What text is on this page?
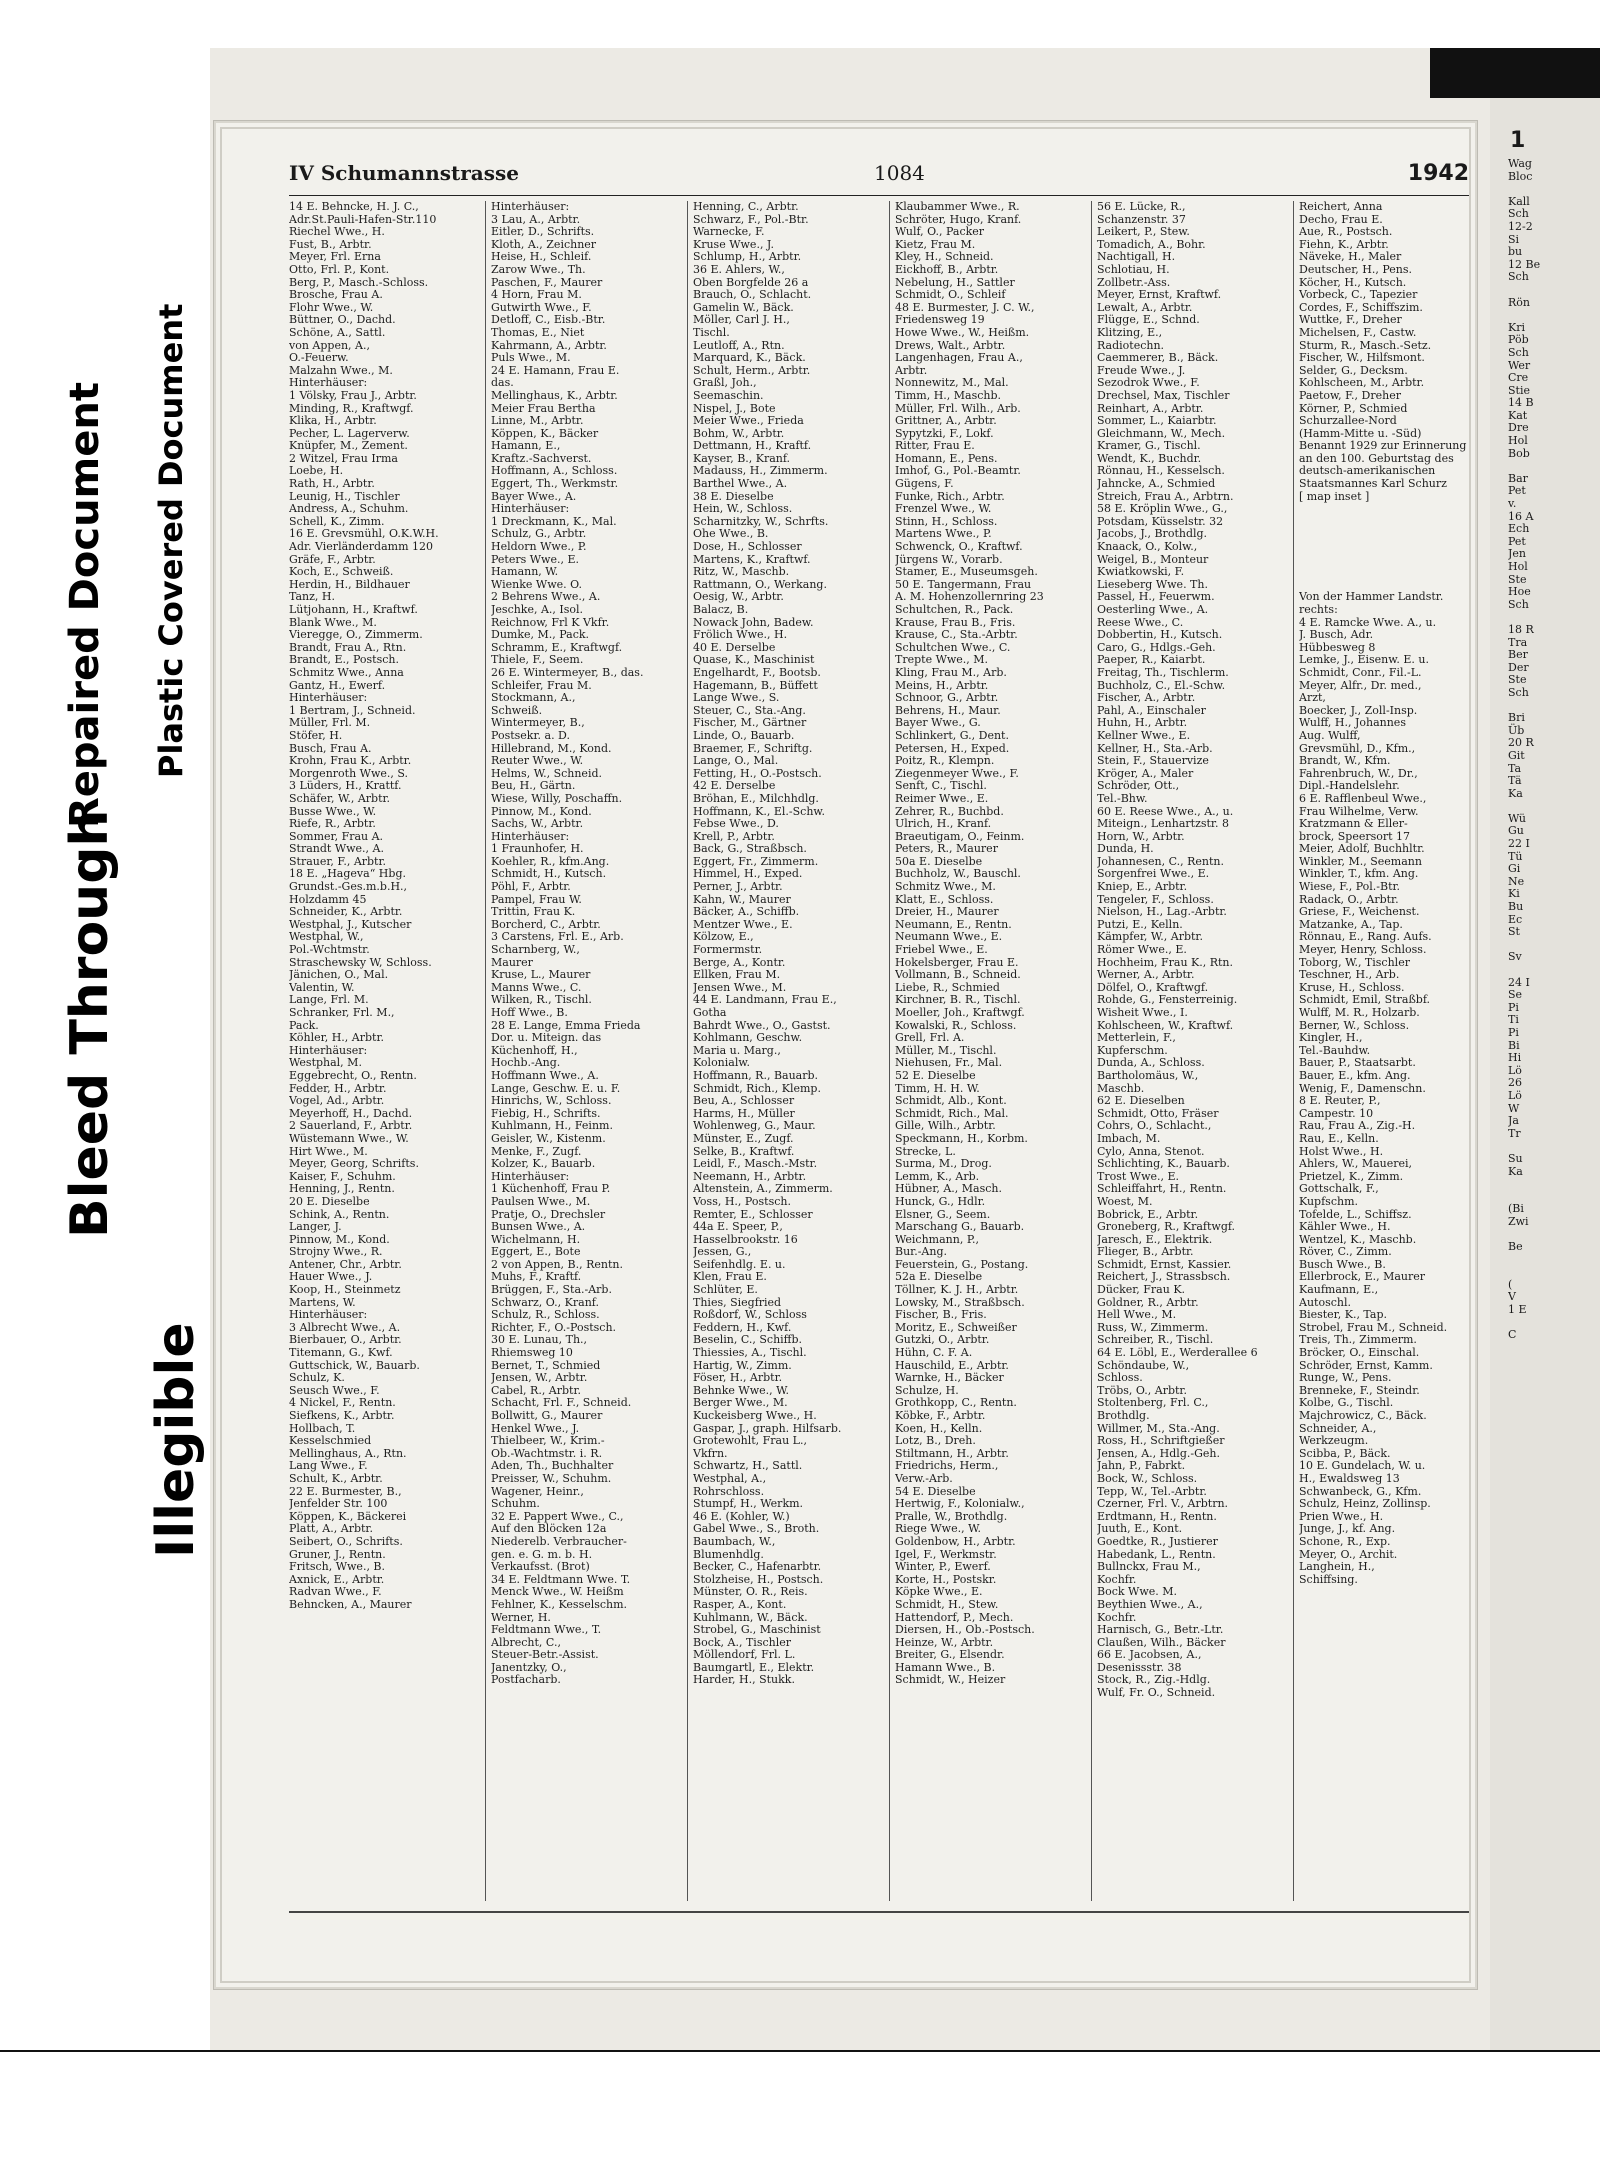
Bleed Through
Repaired Document Plastic Covered Document
Illegible
IV Schumannstrasse	1084	1942
14 E. Behncke, H. J. C.,
Adr.St.Pauli-Hafen-Str.110
Riechel Wwe., H.
Fust, B., Arbtr.
Meyer, Frl. Erna
Otto, Frl. P., Kont.
Berg, P., Masch.-Schloss.
Brosche, Frau A.
Flohr Wwe., W.
Büttner, O., Dachd.
Schöne, A., Sattl.
von Appen, A.,
O.-Feuerw.
Malzahn Wwe., M.
Hinterhäuser:
1 Völsky, Frau J., Arbtr.
Minding, R., Kraftwgf.
Klika, H., Arbtr.
Pecher, L. Lagerverw.
Knüpfer, M., Zement.
2 Witzel, Frau Irma
Loebe, H.
Rath, H., Arbtr.
Leunig, H., Tischler
Andress, A., Schuhm.
Schell, K., Zimm.
16 E. Grevsmühl, O.K.W.H.
Adr. Vierländerdamm 120
Gräfe, F., Arbtr.
Koch, E., Schweiß.
Herdin, H., Bildhauer
Tanz, H.
Lütjohann, H., Kraftwf.
Blank Wwe., M.
Vieregge, O., Zimmerm.
Brandt, Frau A., Rtn.
Brandt, E., Postsch.
Schmitz Wwe., Anna
Gantz, H., Ewerf.
Hinterhäuser:
1 Bertram, J., Schneid.
Müller, Frl. M.
Stöfer, H.
Busch, Frau A.
Krohn, Frau K., Arbtr.
Morgenroth Wwe., S.
3 Lüders, H., Krattf.
Schäfer, W., Arbtr.
Busse Wwe., W.
Riefe, R., Arbtr.
Sommer, Frau A.
Strandt Wwe., A.
Strauer, F., Arbtr.
18 E. „Hageva“ Hbg.
Grundst.-Ges.m.b.H.,
Holzdamm 45
Schneider, K., Arbtr.
Westphal, J., Kutscher
Westphal, W.,
Pol.-Wchtmstr.
Straschewsky W, Schloss.
Jänichen, O., Mal.
Valentin, W.
Lange, Frl. M.
Schranker, Frl. M.,
Pack.
Köhler, H., Arbtr.
Hinterhäuser:
Westphal, M.
Eggebrecht, O., Rentn.
Fedder, H., Arbtr.
Vogel, Ad., Arbtr.
Meyerhoff, H., Dachd.
2 Sauerland, F., Arbtr.
Wüstemann Wwe., W.
Hirt Wwe., M.
Meyer, Georg, Schrifts.
Kaiser, F., Schuhm.
Henning, J., Rentn.
20 E. Dieselbe
Schink, A., Rentn.
Langer, J.
Pinnow, M., Kond.
Strojny Wwe., R.
Antener, Chr., Arbtr.
Hauer Wwe., J.
Koop, H., Steinmetz
Martens, W.
Hinterhäuser:
3 Albrecht Wwe., A.
Bierbauer, O., Arbtr.
Titemann, G., Kwf.
Guttschick, W., Bauarb.
Schulz, K.
Seusch Wwe., F.
4 Nickel, F., Rentn.
Siefkens, K., Arbtr.
Hollbach, T.
Kesselschmied
Mellinghaus, A., Rtn.
Lang Wwe., F.
Schult, K., Arbtr.
22 E. Burmester, B.,
Jenfelder Str. 100
Köppen, K., Bäckerei
Platt, A., Arbtr.
Seibert, O., Schrifts.
Gruner, J., Rentn.
Fritsch, Wwe., B.
Axnick, E., Arbtr.
Radvan Wwe., F.
Behncken, A., Maurer
Hinterhäuser:
3 Lau, A., Arbtr.
Eitler, D., Schrifts.
Kloth, A., Zeichner
Heise, H., Schleif.
Zarow Wwe., Th.
Paschen, F., Maurer
4 Horn, Frau M.
Gutwirth Wwe., F.
Detloff, C., Eisb.-Btr.
Thomas, E., Niet
Kahrmann, A., Arbtr.
Puls Wwe., M.
24 E. Hamann, Frau E.
das.
Mellinghaus, K., Arbtr.
Meier Frau Bertha
Linne, M., Arbtr.
Köppen, K., Bäcker
Hamann, E.,
Kraftz.-Sachverst.
Hoffmann, A., Schloss.
Eggert, Th., Werkmstr.
Bayer Wwe., A.
Hinterhäuser:
1 Dreckmann, K., Mal.
Schulz, G., Arbtr.
Heldorn Wwe., P.
Peters Wwe., E.
Hamann, W.
Wienke Wwe. O.
2 Behrens Wwe., A.
Jeschke, A., Isol.
Reichnow, Frl K Vkfr.
Dumke, M., Pack.
Schramm, E., Kraftwgf.
Thiele, F., Seem.
26 E. Wintermeyer, B., das.
Schleifer, Frau M.
Stockmann, A.,
Schweiß.
Wintermeyer, B.,
Postsekr. a. D.
Hillebrand, M., Kond.
Reuter Wwe., W.
Helms, W., Schneid.
Beu, H., Gärtn.
Wiese, Willy, Poschaffn.
Pinnow, M., Kond.
Sachs, W., Arbtr.
Hinterhäuser:
1 Fraunhofer, H.
Koehler, R., kfm.Ang.
Schmidt, H., Kutsch.
Pöhl, F., Arbtr.
Pampel, Frau W.
Trittin, Frau K.
Borcherd, C., Arbtr.
3 Carstens, Frl. E., Arb.
Scharnberg, W.,
Maurer
Kruse, L., Maurer
Manns Wwe., C.
Wilken, R., Tischl.
Hoff Wwe., B.
28 E. Lange, Emma Frieda
Dor. u. Miteign. das
Küchenhoff, H.,
Hochb.-Ang.
Hoffmann Wwe., A.
Lange, Geschw. E. u. F.
Hinrichs, W., Schloss.
Fiebig, H., Schrifts.
Kuhlmann, H., Feinm.
Geisler, W., Kistenm.
Menke, F., Zugf.
Kolzer, K., Bauarb.
Hinterhäuser:
1 Küchenhoff, Frau P.
Paulsen Wwe., M.
Pratje, O., Drechsler
Bunsen Wwe., A.
Wichelmann, H.
Eggert, E., Bote
2 von Appen, B., Rentn.
Muhs, F., Kraftf.
Brüggen, F., Sta.-Arb.
Schwarz, O., Kranf.
Schulz, R., Schloss.
Richter, F., O.-Postsch.
30 E. Lunau, Th.,
Rhiemsweg 10
Bernet, T., Schmied
Jensen, W., Arbtr.
Cabel, R., Arbtr.
Schacht, Frl. F., Schneid.
Bollwitt, G., Maurer
Henkel Wwe., J.
Thielbeer, W., Krim.-
Ob.-Wachtmstr. i. R.
Aden, Th., Buchhalter
Preisser, W., Schuhm.
Wagener, Heinr.,
Schuhm.
32 E. Pappert Wwe., C.,
Auf den Blöcken 12a
Niederelb. Verbraucher-
gen. e. G. m. b. H.
Verkaufsst. (Brot)
34 E. Feldtmann Wwe. T.
Menck Wwe., W. Heißm
Fehlner, K., Kesselschm.
Werner, H.
Feldtmann Wwe., T.
Albrecht, C.,
Steuer-Betr.-Assist.
Janentzky, O.,
Postfacharb.
Henning, C., Arbtr.
Schwarz, F., Pol.-Btr.
Warnecke, F.
Kruse Wwe., J.
Schlump, H., Arbtr.
36 E. Ahlers, W.,
Oben Borgfelde 26 a
Brauch, O., Schlacht.
Gamelin W., Bäck.
Möller, Carl J. H.,
Tischl.
Leutloff, A., Rtn.
Marquard, K., Bäck.
Schult, Herm., Arbtr.
Graßl, Joh.,
Seemaschin.
Nispel, J., Bote
Meier Wwe., Frieda
Bohm, W., Arbtr.
Dettmann, H., Kraftf.
Kayser, B., Kranf.
Madauss, H., Zimmerm.
Barthel Wwe., A.
38 E. Dieselbe
Hein, W., Schloss.
Scharnitzky, W., Schrfts.
Ohe Wwe., B.
Dose, H., Schlosser
Martens, K., Kraftwf.
Ritz, W., Maschb.
Rattmann, O., Werkang.
Oesig, W., Arbtr.
Balacz, B.
Nowack John, Badew.
Frölich Wwe., H.
40 E. Derselbe
Quase, K., Maschinist
Engelhardt, F., Bootsb.
Hagemann, B., Büffett
Lange Wwe., S.
Steuer, C., Sta.-Ang.
Fischer, M., Gärtner
Linde, O., Bauarb.
Braemer, F., Schriftg.
Lange, O., Mal.
Fetting, H., O.-Postsch.
42 E. Derselbe
Bröhan, E., Milchhdlg.
Hoffmann, K., El.-Schw.
Febse Wwe., D.
Krell, P., Arbtr.
Back, G., Straßbsch.
Eggert, Fr., Zimmerm.
Himmel, H., Exped.
Perner, J., Arbtr.
Kahn, W., Maurer
Bäcker, A., Schiffb.
Mentzer Wwe., E.
Kölzow, E.,
Formermstr.
Berge, A., Kontr.
Ellken, Frau M.
Jensen Wwe., M.
44 E. Landmann, Frau E.,
Gotha
Bahrdt Wwe., O., Gastst.
Kohlmann, Geschw.
Maria u. Marg.,
Kolonialw.
Hoffmann, R., Bauarb.
Schmidt, Rich., Klemp.
Beu, A., Schlosser
Harms, H., Müller
Wohlenweg, G., Maur.
Münster, E., Zugf.
Selke, B., Kraftwf.
Leidl, F., Masch.-Mstr.
Neemann, H., Arbtr.
Altenstein, A., Zimmerm.
Voss, H., Postsch.
Remter, E., Schlosser
44a E. Speer, P.,
Hasselbrookstr. 16
Jessen, G.,
Seifenhdlg. E. u.
Klen, Frau E.
Schlüter, E.
Thies, Siegfried
Roßdorf, W., Schloss
Feddern, H., Kwf.
Beselin, C., Schiffb.
Thiessies, A., Tischl.
Hartig, W., Zimm.
Föser, H., Arbtr.
Behnke Wwe., W.
Berger Wwe., M.
Kuckeisberg Wwe., H.
Gaspar, J., graph. Hilfsarb.
Grotewohlt, Frau L.,
Vkfrn.
Schwartz, H., Sattl.
Westphal, A.,
Rohrschloss.
Stumpf, H., Werkm.
46 E. (Kohler, W.)
Gabel Wwe., S., Broth.
Baumbach, W.,
Blumenhdlg.
Becker, C., Hafenarbtr.
Stolzheise, H., Postsch.
Münster, O. R., Reis.
Rasper, A., Kont.
Kuhlmann, W., Bäck.
Strobel, G., Maschinist
Bock, A., Tischler
Möllendorf, Frl. L.
Baumgartl, E., Elektr.
Harder, H., Stukk.
Klaubammer Wwe., R.
Schröter, Hugo, Kranf.
Wulf, O., Packer
Kietz, Frau M.
Kley, H., Schneid.
Eickhoff, B., Arbtr.
Nebelung, H., Sattler
Schmidt, O., Schleif
48 E. Burmester, J. C. W.,
Friedensweg 19
Howe Wwe., W., Heißm.
Drews, Walt., Arbtr.
Langenhagen, Frau A.,
Arbtr.
Nonnewitz, M., Mal.
Timm, H., Maschb.
Müller, Frl. Wilh., Arb.
Grittner, A., Arbtr.
Sypytzki, F., Lokf.
Ritter, Frau E.
Homann, E., Pens.
Imhof, G., Pol.-Beamtr.
Gügens, F.
Funke, Rich., Arbtr.
Frenzel Wwe., W.
Stinn, H., Schloss.
Martens Wwe., P.
Schwenck, O., Kraftwf.
Jürgens W., Vorarb.
Stamer, E., Museumsgeh.
50 E. Tangermann, Frau
A. M. Hohenzollernring 23
Schultchen, R., Pack.
Krause, Frau B., Fris.
Krause, C., Sta.-Arbtr.
Schultchen Wwe., C.
Trepte Wwe., M.
Kling, Frau M., Arb.
Meins, H., Arbtr.
Schnoor, G., Arbtr.
Behrens, H., Maur.
Bayer Wwe., G.
Schlinkert, G., Dent.
Petersen, H., Exped.
Poitz, R., Klempn.
Ziegenmeyer Wwe., F.
Senft, C., Tischl.
Reimer Wwe., E.
Zehrer, R., Buchbd.
Ulrich, H., Kranf.
Braeutigam, O., Feinm.
Peters, R., Maurer
50a E. Dieselbe
Buchholz, W., Bauschl.
Schmitz Wwe., M.
Klatt, E., Schloss.
Dreier, H., Maurer
Neumann, E., Rentn.
Neumann Wwe., E.
Friebel Wwe., E.
Hokelsberger, Frau E.
Vollmann, B., Schneid.
Liebe, R., Schmied
Kirchner, B. R., Tischl.
Moeller, Joh., Kraftwgf.
Kowalski, R., Schloss.
Grell, Frl. A.
Müller, M., Tischl.
Niehusen, Fr., Mal.
52 E. Dieselbe
Timm, H. H. W.
Schmidt, Alb., Kont.
Schmidt, Rich., Mal.
Gille, Wilh., Arbtr.
Speckmann, H., Korbm.
Strecke, L.
Surma, M., Drog.
Lemm, K., Arb.
Hübner, A., Masch.
Hunck, G., Hdlr.
Elsner, G., Seem.
Marschang G., Bauarb.
Weichmann, P.,
Bur.-Ang.
Feuerstein, G., Postang.
52a E. Dieselbe
Töllner, K. J. H., Arbtr.
Lowsky, M., Straßbsch.
Fischer, B., Fris.
Moritz, E., Schweißer
Gutzki, O., Arbtr.
Hühn, C. F. A.
Hauschild, E., Arbtr.
Warnke, H., Bäcker
Schulze, H.
Grothkopp, C., Rentn.
Köbke, F., Arbtr.
Koen, H., Kelln.
Lotz, B., Dreh.
Stiltmann, H., Arbtr.
Friedrichs, Herm.,
Verw.-Arb.
54 E. Dieselbe
Hertwig, F., Kolonialw.,
Pralle, W., Brothdlg.
Riege Wwe., W.
Goldenbow, H., Arbtr.
Igel, F., Werkmstr.
Winter, P., Ewerf.
Korte, H., Postskr.
Köpke Wwe., E.
Schmidt, H., Stew.
Hattendorf, P., Mech.
Diersen, H., Ob.-Postsch.
Heinze, W., Arbtr.
Breiter, G., Elsendr.
Hamann Wwe., B.
Schmidt, W., Heizer
56 E. Lücke, R.,
Schanzenstr. 37
Leikert, P., Stew.
Tomadich, A., Bohr.
Nachtigall, H.
Schlotiau, H.
Zollbetr.-Ass.
Meyer, Ernst, Kraftwf.
Lewalt, A., Arbtr.
Flügge, E., Schnd.
Klitzing, E.,
Radiotechn.
Caemmerer, B., Bäck.
Freude Wwe., J.
Sezodrok Wwe., F.
Drechsel, Max, Tischler
Reinhart, A., Arbtr.
Sommer, L., Kaiarbtr.
Gleichmann, W., Mech.
Kramer, G., Tischl.
Wendt, K., Buchdr.
Rönnau, H., Kesselsch.
Jahncke, A., Schmied
Streich, Frau A., Arbtrn.
58 E. Kröplin Wwe., G.,
Potsdam, Küsselstr. 32
Jacobs, J., Brothdlg.
Knaack, O., Kolw.,
Weigel, B., Monteur
Kwiatkowski, F.
Lieseberg Wwe. Th.
Passel, H., Feuerwm.
Oesterling Wwe., A.
Reese Wwe., C.
Dobbertin, H., Kutsch.
Caro, G., Hdlgs.-Geh.
Paeper, R., Kaiarbt.
Freitag, Th., Tischlerm.
Buchholz, C., El.-Schw.
Fischer, A., Arbtr.
Pahl, A., Einschaler
Huhn, H., Arbtr.
Kellner Wwe., E.
Kellner, H., Sta.-Arb.
Stein, F., Stauervize
Kröger, A., Maler
Schröder, Ott.,
Tel.-Bhw.
60 E. Reese Wwe., A., u.
Miteign., Lenhartzstr. 8
Horn, W., Arbtr.
Dunda, H.
Johannesen, C., Rentn.
Sorgenfrei Wwe., E.
Kniep, E., Arbtr.
Tengeler, F., Schloss.
Nielson, H., Lag.-Arbtr.
Putzi, E., Kelln.
Kämpfer, W., Arbtr.
Römer Wwe., E.
Hochheim, Frau K., Rtn.
Werner, A., Arbtr.
Dölfel, O., Kraftwgf.
Rohde, G., Fensterreinig.
Wisheit Wwe., I.
Kohlscheen, W., Kraftwf.
Metterlein, F.,
Kupferschm.
Dunda, A., Schloss.
Bartholomäus, W.,
Maschb.
62 E. Dieselben
Schmidt, Otto, Fräser
Cohrs, O., Schlacht.,
Imbach, M.
Cylo, Anna, Stenot.
Schlichting, K., Bauarb.
Trost Wwe., E.
Schleiffahrt, H., Rentn.
Woest, M.
Bobrick, E., Arbtr.
Groneberg, R., Kraftwgf.
Jaresch, E., Elektrik.
Flieger, B., Arbtr.
Schmidt, Ernst, Kassier.
Reichert, J., Strassbsch.
Dücker, Frau K.
Goldner, R., Arbtr.
Hell Wwe., M.
Russ, W., Zimmerm.
Schreiber, R., Tischl.
64 E. Löbl, E., Werderallee 6
Schöndaube, W.,
Schloss.
Tröbs, O., Arbtr.
Stoltenberg, Frl. C.,
Brothdlg.
Willmer, M., Sta.-Ang.
Ross, H., Schriftgießer
Jensen, A., Hdlg.-Geh.
Jahn, P., Fabrkt.
Bock, W., Schloss.
Tepp, W., Tel.-Arbtr.
Czerner, Frl. V., Arbtrn.
Erdtmann, H., Rentn.
Juuth, E., Kont.
Goedtke, R., Justierer
Habedank, L., Rentn.
Bullnckx, Frau M.,
Kochfr.
Bock Wwe. M.
Beythien Wwe., A.,
Kochfr.
Harnisch, G., Betr.-Ltr.
Claußen, Wilh., Bäcker
66 E. Jacobsen, A.,
Desenissstr. 38
Stock, R., Zig.-Hdlg.
Wulf, Fr. O., Schneid.
Reichert, Anna
Decho, Frau E.
Aue, R., Postsch.
Fiehn, K., Arbtr.
Näveke, H., Maler
Deutscher, H., Pens.
Köcher, H., Kutsch.
Vorbeck, C., Tapezier
Cordes, F., Schiffszim.
Wuttke, F., Dreher
Michelsen, F., Castw.
Sturm, R., Masch.-Setz.
Fischer, W., Hilfsmont.
Selder, G., Decksm.
Kohlscheen, M., Arbtr.
Paetow, F., Dreher
Körner, P., Schmied
Schurzallee-Nord
(Hamm-Mitte u. -Süd)
Benannt 1929 zur Erinnerung
an den 100. Geburtstag des
deutsch-amerikanischen
Staatsmannes Karl Schurz
[ map inset ]

Von der Hammer Landstr.
rechts:
4 E. Ramcke Wwe. A., u.
J. Busch, Adr.
Hübbesweg 8
Lemke, J., Eisenw. E. u.
Schmidt, Conr., Fil.-L.
Meyer, Alfr., Dr. med.,
Arzt,
Boecker, J., Zoll-Insp.
Wulff, H., Johannes
Aug. Wulff,
Grevsmühl, D., Kfm.,
Brandt, W., Kfm.
Fahrenbruch, W., Dr.,
Dipl.-Handelslehr.
6 E. Rafflenbeul Wwe.,
Frau Wilhelme, Verw.
Kratzmann & Eller-
brock, Speersort 17
Meier, Adolf, Buchhltr.
Winkler, M., Seemann
Winkler, T., kfm. Ang.
Wiese, F., Pol.-Btr.
Radack, O., Arbtr.
Griese, F., Weichenst.
Matzanke, A., Tap.
Rönnau, E., Rang. Aufs.
Meyer, Henry, Schloss.
Toborg, W., Tischler
Teschner, H., Arb.
Kruse, H., Schloss.
Schmidt, Emil, Straßbf.
Wulff, M. R., Holzarb.
Berner, W., Schloss.
Kingler, H.,
Tel.-Bauhdw.
Bauer, P., Staatsarbt.
Bauer, E., kfm. Ang.
Wenig, F., Damenschn.
8 E. Reuter, P.,
Campestr. 10
Rau, Frau A., Zig.-H.
Rau, E., Kelln.
Holst Wwe., H.
Ahlers, W., Mauerei,
Prietzel, K., Zimm.
Gottschalk, F.,
Kupfschm.
Tofelde, L., Schiffsz.
Kähler Wwe., H.
Wentzel, K., Maschb.
Röver, C., Zimm.
Busch Wwe., B.
Ellerbrock, E., Maurer
Kaufmann, E.,
Autoschl.
Biester, K., Tap.
Strobel, Frau M., Schneid.
Treis, Th., Zimmerm.
Bröcker, O., Einschal.
Schröder, Ernst, Kamm.
Runge, W., Pens.
Brenneke, F., Steindr.
Kolbe, G., Tischl.
Majchrowicz, C., Bäck.
Schneider, A.,
Werkzeugm.
Scibba, P., Bäck.
10 E. Gundelach, W. u.
H., Ewaldsweg 13
Schwanbeck, G., Kfm.
Schulz, Heinz, Zollinsp.
Prien Wwe., H.
Junge, J., kf. Ang.
Schone, R., Exp.
Meyer, O., Archit.
Langhein, H.,
Schiffsing.
1
Wag
Bloc

Kall
Sch
12-2
Si
bu
12 Be
Sch

Rön

Kri
Pöb
Sch
Wer
Cre
Stie
14 B
Kat
Dre
Hol
Bob

Bar
Pet
v.
16 A
Ech
Pet
Jen
Hol
Ste
Hoe
Sch

18 R
Tra
Ber
Der
Ste
Sch

Bri
Üb
20 R
Git
Ta
Tä
Ka

Wü
Gu
22 I
Tü
Gi
Ne
Ki
Bu
Ec
St

Sv

24 I
Se
Pi
Ti
Pi
Bi
Hi
Lö
26
Lö
W
Ja
Tr

Su
Ka

(Bi
Zwi

Be

(
V
1 E

C
